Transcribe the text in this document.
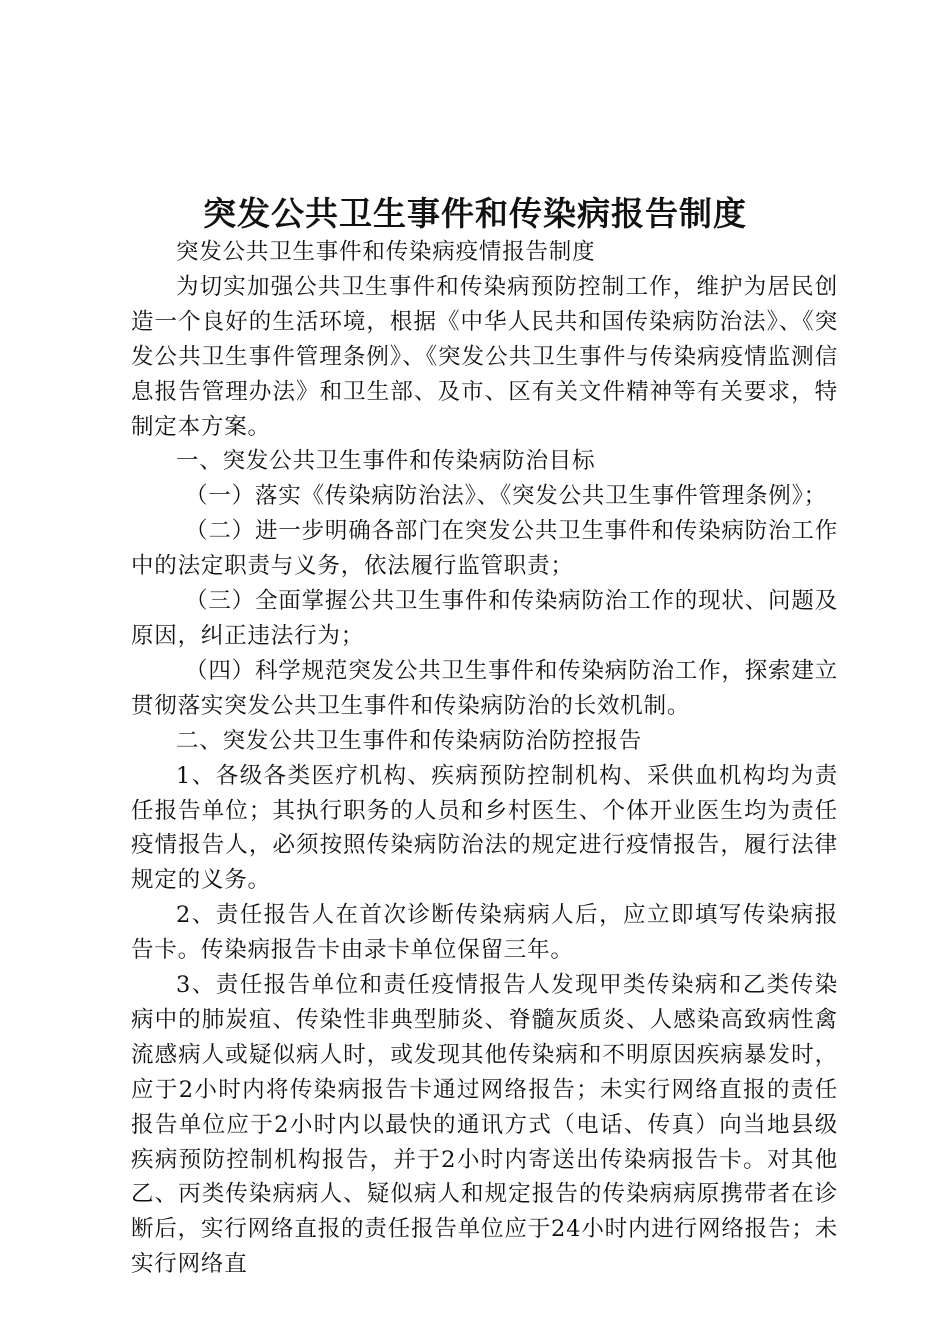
突发公共卫生事件和传染病报告制度

突发公共卫生事件和传染病疫情报告制度

为切实加强公共卫生事件和传染病预防控制工作，维护为居民创造一个良好的生活环境，根据《中华人民共和国传染病防治法》、《突发公共卫生事件管理条例》、《突发公共卫生事件与传染病疫情监测信息报告管理办法》和卫生部、及市、区有关文件精神等有关要求，特制定本方案。

一、突发公共卫生事件和传染病防治目标

（一）落实《传染病防治法》、《突发公共卫生事件管理条例》；

（二）进一步明确各部门在突发公共卫生事件和传染病防治工作中的法定职责与义务，依法履行监管职责；

（三）全面掌握公共卫生事件和传染病防治工作的现状、问题及原因，纠正违法行为；

（四）科学规范突发公共卫生事件和传染病防治工作，探索建立贯彻落实突发公共卫生事件和传染病防治的长效机制。

二、突发公共卫生事件和传染病防治防控报告

1、各级各类医疗机构、疾病预防控制机构、采供血机构均为责任报告单位；其执行职务的人员和乡村医生、个体开业医生均为责任疫情报告人，必须按照传染病防治法的规定进行疫情报告，履行法律规定的义务。

2、责任报告人在首次诊断传染病病人后，应立即填写传染病报告卡。传染病报告卡由录卡单位保留三年。

3、责任报告单位和责任疫情报告人发现甲类传染病和乙类传染病中的肺炭疽、传染性非典型肺炎、脊髓灰质炎、人感染高致病性禽流感病人或疑似病人时，或发现其他传染病和不明原因疾病暴发时，应于2小时内将传染病报告卡通过网络报告；未实行网络直报的责任报告单位应于2小时内以最快的通讯方式（电话、传真）向当地县级疾病预防控制机构报告，并于2小时内寄送出传染病报告卡。对其他乙、丙类传染病病人、疑似病人和规定报告的传染病病原携带者在诊断后，实行网络直报的责任报告单位应于24小时内进行网络报告；未实行网络直
